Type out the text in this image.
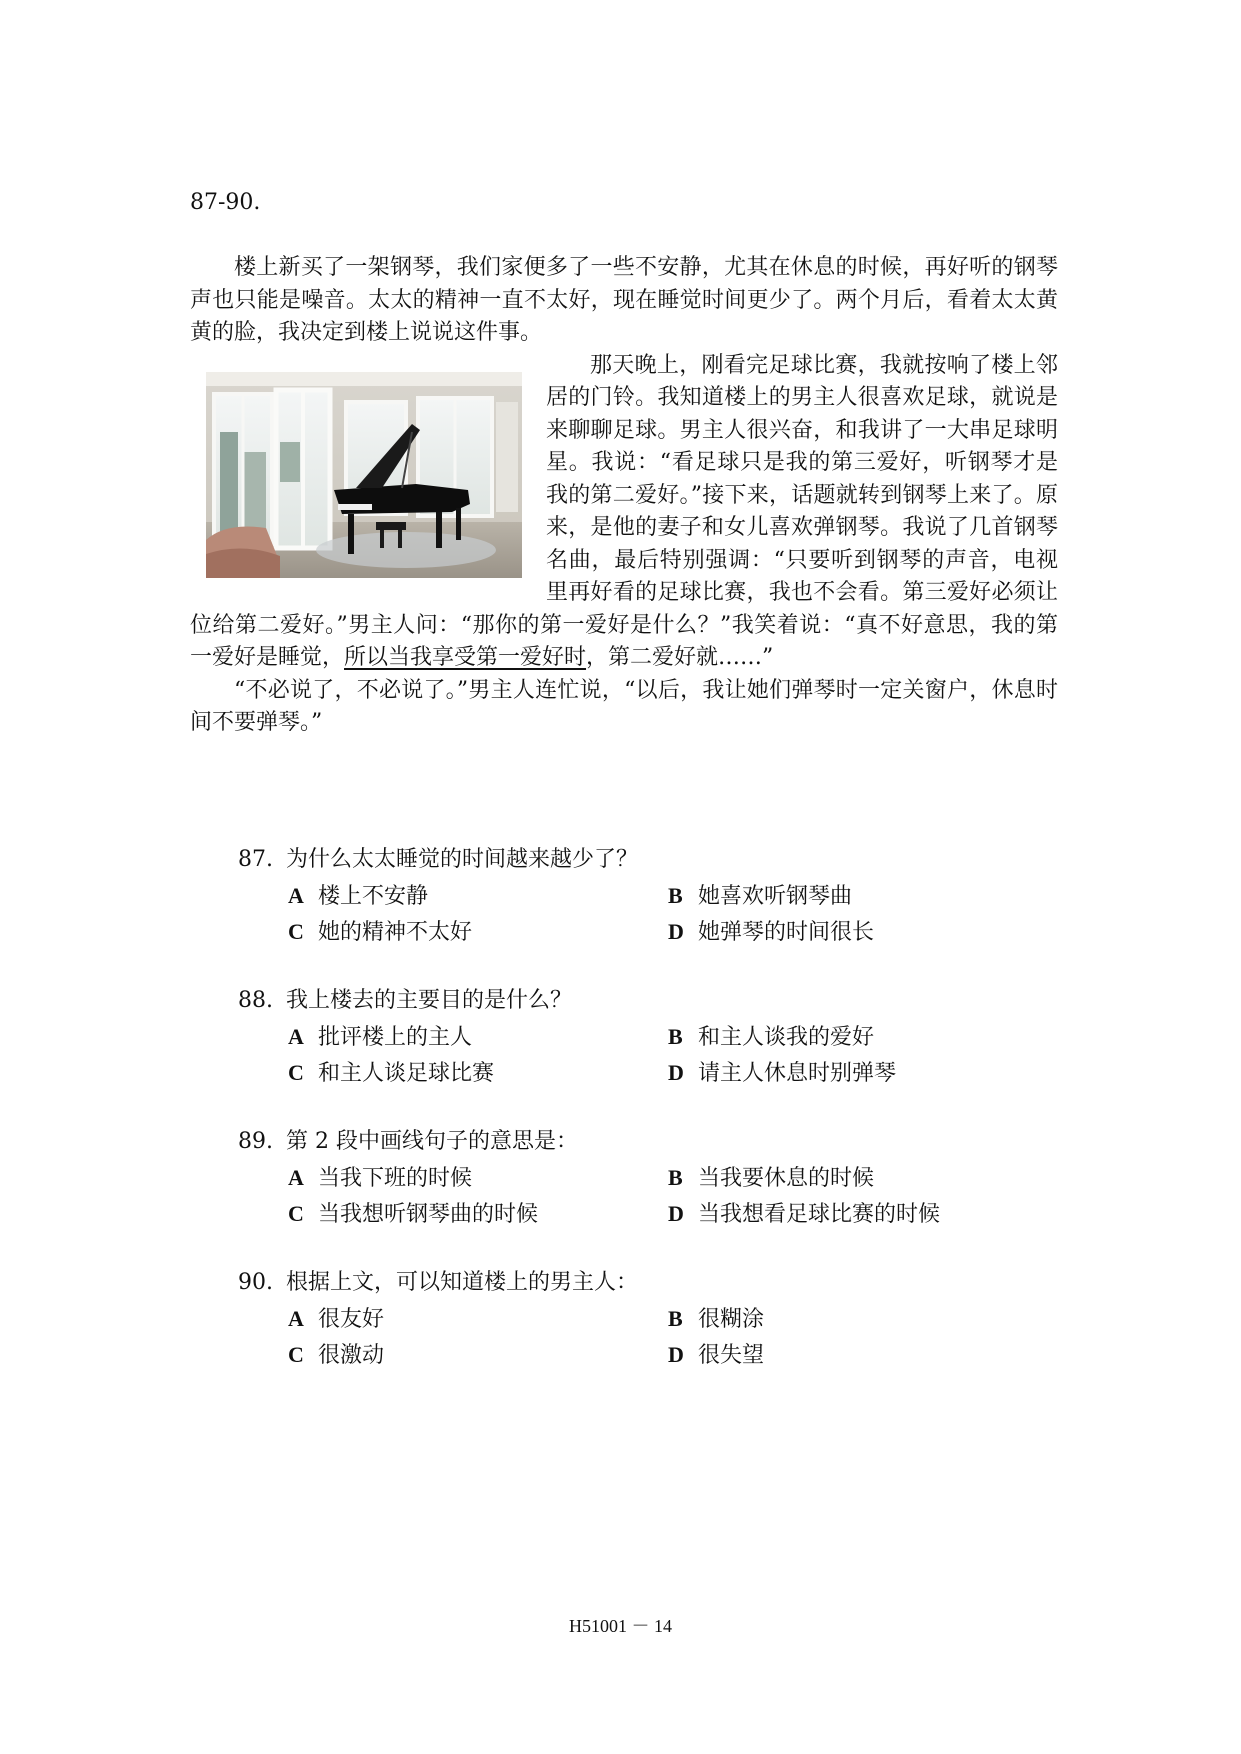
87-90.

楼上新买了一架钢琴，我们家便多了一些不安静，尤其在休息的时候，再好听的钢琴声也只能是噪音。太太的精神一直不太好，现在睡觉时间更少了。两个月后，看着太太黄黄的脸，我决定到楼上说说这件事。

那天晚上，刚看完足球比赛，我就按响了楼上邻居的门铃。我知道楼上的男主人很喜欢足球，就说是来聊聊足球。男主人很兴奋，和我讲了一大串足球明星。我说：“看足球只是我的第三爱好，听钢琴才是我的第二爱好。”接下来，话题就转到钢琴上来了。原来，是他的妻子和女儿喜欢弹钢琴。我说了几首钢琴名曲，最后特别强调：“只要听到钢琴的声音，电视里再好看的足球比赛，我也不会看。第三爱好必须让位给第二爱好。”男主人问：“那你的第一爱好是什么？”我笑着说：“真不好意思，我的第一爱好是睡觉，所以当我享受第一爱好时，第二爱好就……”

“不必说了，不必说了。”男主人连忙说，“以后，我让她们弹琴时一定关窗户，休息时间不要弹琴。”

87. 为什么太太睡觉的时间越来越少了？
A 楼上不安静	B 她喜欢听钢琴曲
C 她的精神不太好	D 她弹琴的时间很长
88. 我上楼去的主要目的是什么？
A 批评楼上的主人	B 和主人谈我的爱好
C 和主人谈足球比赛	D 请主人休息时别弹琴
89. 第 2 段中画线句子的意思是：
A 当我下班的时候	B 当我要休息的时候
C 当我想听钢琴曲的时候	D 当我想看足球比赛的时候
90. 根据上文，可以知道楼上的男主人：
A 很友好	B 很糊涂
C 很激动	D 很失望
H51001 － 14
